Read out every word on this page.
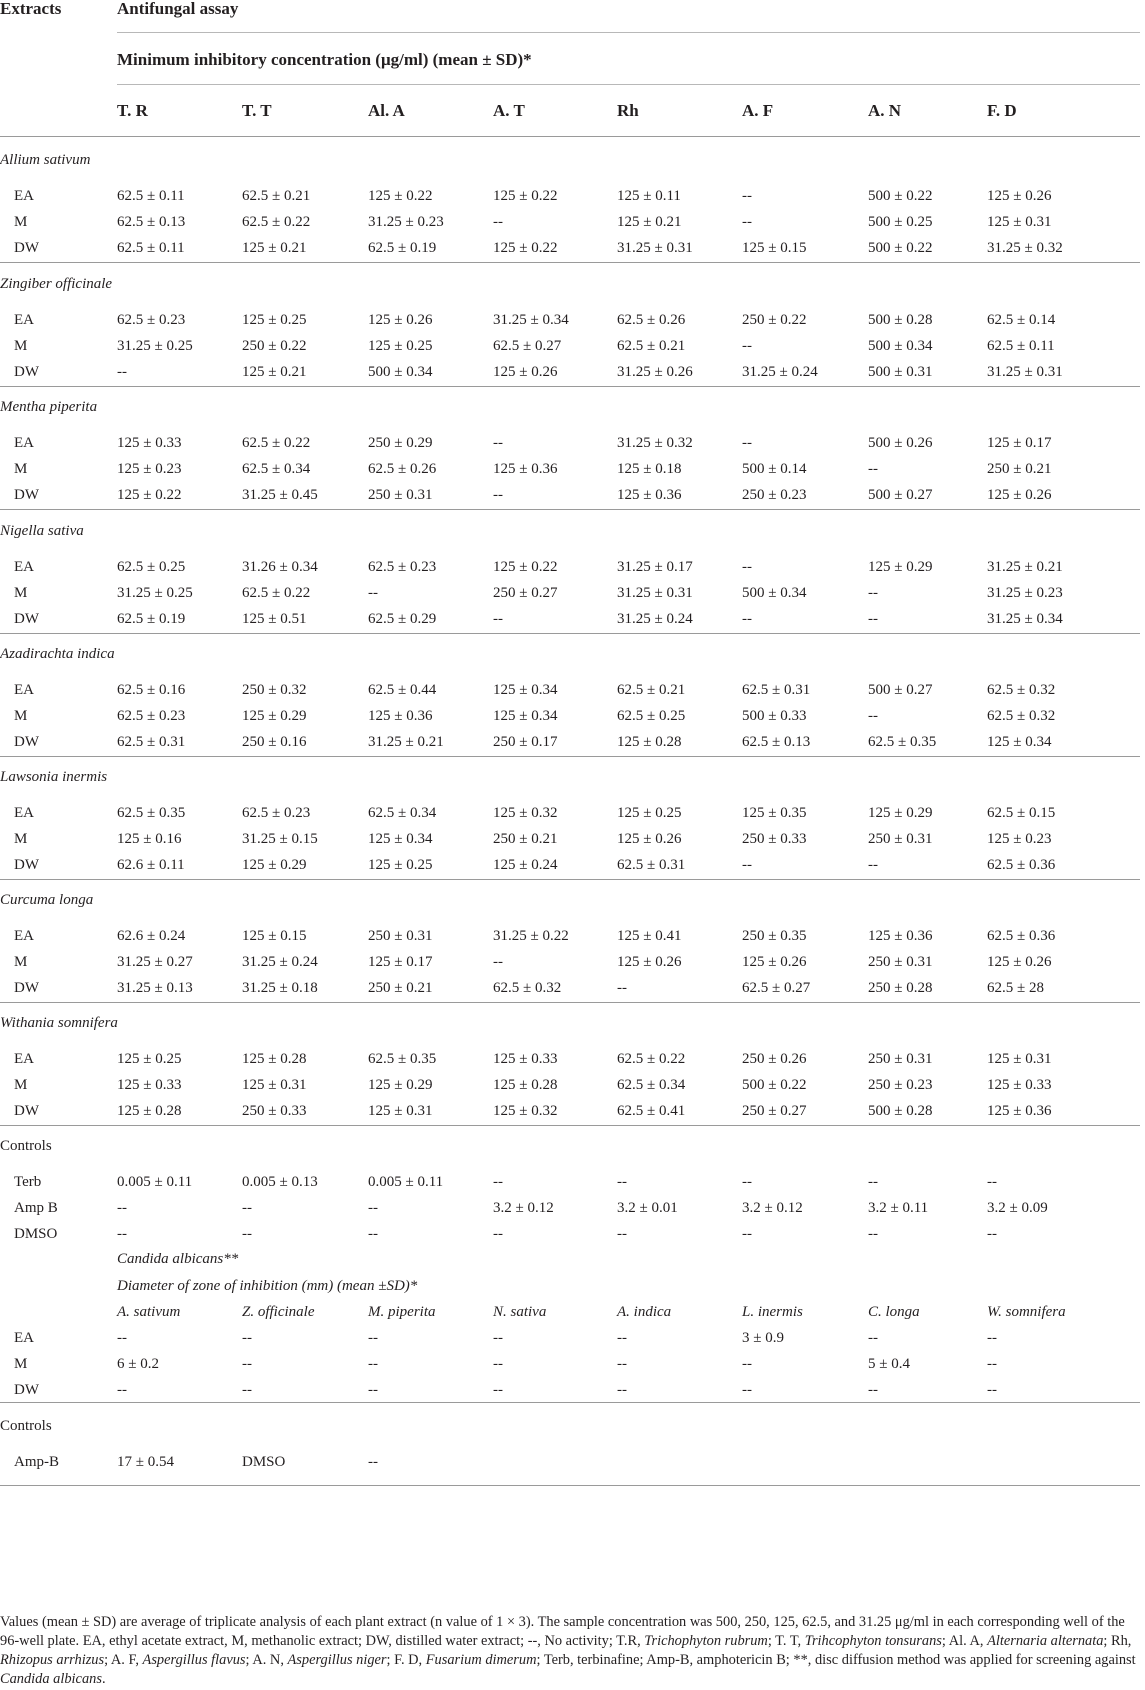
Extracts	Antifungal assay
Minimum inhibitory concentration (μg/ml) (mean ± SD)*
T. R	T. T	Al. A	A. T	Rh	A. F	A. N	F. D
Allium sativum
EA	62.5 ± 0.11	62.5 ± 0.21	125 ± 0.22	125 ± 0.22	125 ± 0.11	--	500 ± 0.22	125 ± 0.26
M	62.5 ± 0.13	62.5 ± 0.22	31.25 ± 0.23	--	125 ± 0.21	--	500 ± 0.25	125 ± 0.31
DW	62.5 ± 0.11	125 ± 0.21	62.5 ± 0.19	125 ± 0.22	31.25 ± 0.31	125 ± 0.15	500 ± 0.22	31.25 ± 0.32
Zingiber officinale
EA	62.5 ± 0.23	125 ± 0.25	125 ± 0.26	31.25 ± 0.34	62.5 ± 0.26	250 ± 0.22	500 ± 0.28	62.5 ± 0.14
M	31.25 ± 0.25	250 ± 0.22	125 ± 0.25	62.5 ± 0.27	62.5 ± 0.21	--	500 ± 0.34	62.5 ± 0.11
DW	--	125 ± 0.21	500 ± 0.34	125 ± 0.26	31.25 ± 0.26	31.25 ± 0.24	500 ± 0.31	31.25 ± 0.31
Mentha piperita
EA	125 ± 0.33	62.5 ± 0.22	250 ± 0.29	--	31.25 ± 0.32	--	500 ± 0.26	125 ± 0.17
M	125 ± 0.23	62.5 ± 0.34	62.5 ± 0.26	125 ± 0.36	125 ± 0.18	500 ± 0.14	--	250 ± 0.21
DW	125 ± 0.22	31.25 ± 0.45	250 ± 0.31	--	125 ± 0.36	250 ± 0.23	500 ± 0.27	125 ± 0.26
Nigella sativa
EA	62.5 ± 0.25	31.26 ± 0.34	62.5 ± 0.23	125 ± 0.22	31.25 ± 0.17	--	125 ± 0.29	31.25 ± 0.21
M	31.25 ± 0.25	62.5 ± 0.22	--	250 ± 0.27	31.25 ± 0.31	500 ± 0.34	--	31.25 ± 0.23
DW	62.5 ± 0.19	125 ± 0.51	62.5 ± 0.29	--	31.25 ± 0.24	--	--	31.25 ± 0.34
Azadirachta indica
EA	62.5 ± 0.16	250 ± 0.32	62.5 ± 0.44	125 ± 0.34	62.5 ± 0.21	62.5 ± 0.31	500 ± 0.27	62.5 ± 0.32
M	62.5 ± 0.23	125 ± 0.29	125 ± 0.36	125 ± 0.34	62.5 ± 0.25	500 ± 0.33	--	62.5 ± 0.32
DW	62.5 ± 0.31	250 ± 0.16	31.25 ± 0.21	250 ± 0.17	125 ± 0.28	62.5 ± 0.13	62.5 ± 0.35	125 ± 0.34
Lawsonia inermis
EA	62.5 ± 0.35	62.5 ± 0.23	62.5 ± 0.34	125 ± 0.32	125 ± 0.25	125 ± 0.35	125 ± 0.29	62.5 ± 0.15
M	125 ± 0.16	31.25 ± 0.15	125 ± 0.34	250 ± 0.21	125 ± 0.26	250 ± 0.33	250 ± 0.31	125 ± 0.23
DW	62.6 ± 0.11	125 ± 0.29	125 ± 0.25	125 ± 0.24	62.5 ± 0.31	--	--	62.5 ± 0.36
Curcuma longa
EA	62.6 ± 0.24	125 ± 0.15	250 ± 0.31	31.25 ± 0.22	125 ± 0.41	250 ± 0.35	125 ± 0.36	62.5 ± 0.36
M	31.25 ± 0.27	31.25 ± 0.24	125 ± 0.17	--	125 ± 0.26	125 ± 0.26	250 ± 0.31	125 ± 0.26
DW	31.25 ± 0.13	31.25 ± 0.18	250 ± 0.21	62.5 ± 0.32	--	62.5 ± 0.27	250 ± 0.28	62.5 ± 28
Withania somnifera
EA	125 ± 0.25	125 ± 0.28	62.5 ± 0.35	125 ± 0.33	62.5 ± 0.22	250 ± 0.26	250 ± 0.31	125 ± 0.31
M	125 ± 0.33	125 ± 0.31	125 ± 0.29	125 ± 0.28	62.5 ± 0.34	500 ± 0.22	250 ± 0.23	125 ± 0.33
DW	125 ± 0.28	250 ± 0.33	125 ± 0.31	125 ± 0.32	62.5 ± 0.41	250 ± 0.27	500 ± 0.28	125 ± 0.36
Controls
Terb	0.005 ± 0.11	0.005 ± 0.13	0.005 ± 0.11	--	--	--	--	--
Amp B	--	--	--	3.2 ± 0.12	3.2 ± 0.01	3.2 ± 0.12	3.2 ± 0.11	3.2 ± 0.09
DMSO	--	--	--	--	--	--	--	--
Candida albicans**
Diameter of zone of inhibition (mm) (mean ±SD)*
A. sativum	Z. officinale	M. piperita	N. sativa	A. indica	L. inermis	C. longa	W. somnifera
EA	--	--	--	--	--	3 ± 0.9	--	--
M	6 ± 0.2	--	--	--	--	--	5 ± 0.4	--
DW	--	--	--	--	--	--	--	--
Controls
Amp-B	17 ± 0.54	DMSO	--
Values (mean ± SD) are average of triplicate analysis of each plant extract (n value of 1 × 3). The sample concentration was 500, 250, 125, 62.5, and 31.25 μg/ml in each corresponding well of the 96-well plate. EA, ethyl acetate extract, M, methanolic extract; DW, distilled water extract; --, No activity; T.R, Trichophyton rubrum; T. T, Trihcophyton tonsurans; Al. A, Alternaria alternata; Rh, Rhizopus arrhizus; A. F, Aspergillus flavus; A. N, Aspergillus niger; F. D, Fusarium dimerum; Terb, terbinafine; Amp-B, amphotericin B; **, disc diffusion method was applied for screening against Candida albicans.
